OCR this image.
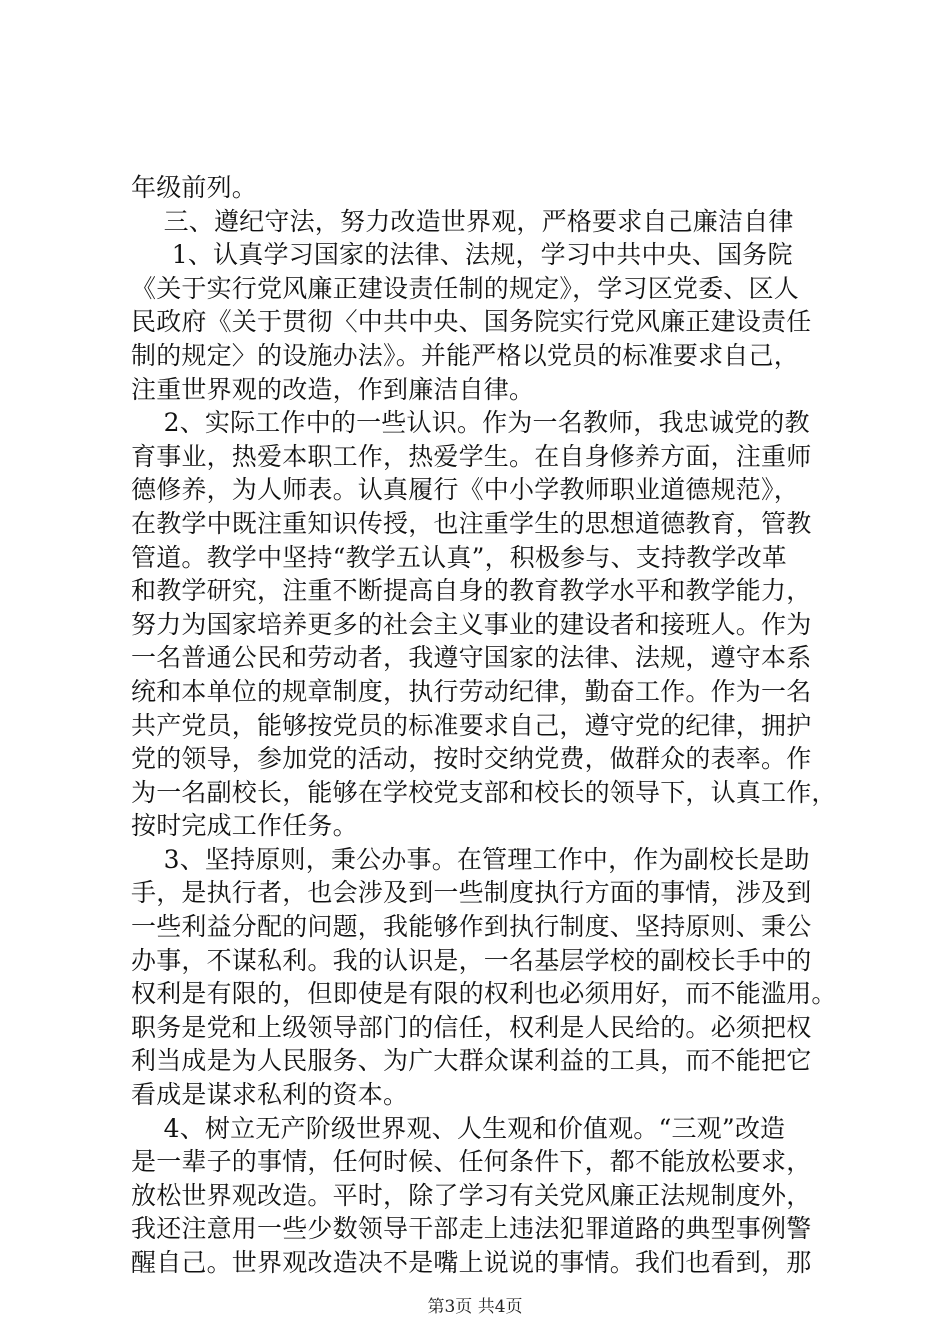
年级前列。
三、遵纪守法，努力改造世界观，严格要求自己廉洁自律
1、认真学习国家的法律、法规，学习中共中央、国务院
《关于实行党风廉正建设责任制的规定》，学习区党委、区人
民政府《关于贯彻〈中共中央、国务院实行党风廉正建设责任
制的规定〉的设施办法》。并能严格以党员的标准要求自己，
注重世界观的改造，作到廉洁自律。
2、实际工作中的一些认识。作为一名教师，我忠诚党的教
育事业，热爱本职工作，热爱学生。在自身修养方面，注重师
德修养，为人师表。认真履行《中小学教师职业道德规范》，
在教学中既注重知识传授，也注重学生的思想道德教育，管教
管道。教学中坚持“教学五认真”，积极参与、支持教学改革
和教学研究，注重不断提高自身的教育教学水平和教学能力，
努力为国家培养更多的社会主义事业的建设者和接班人。作为
一名普通公民和劳动者，我遵守国家的法律、法规，遵守本系
统和本单位的规章制度，执行劳动纪律，勤奋工作。作为一名
共产党员，能够按党员的标准要求自己，遵守党的纪律，拥护
党的领导，参加党的活动，按时交纳党费，做群众的表率。作
为一名副校长，能够在学校党支部和校长的领导下，认真工作，
按时完成工作任务。
3、坚持原则，秉公办事。在管理工作中，作为副校长是助
手，是执行者，也会涉及到一些制度执行方面的事情，涉及到
一些利益分配的问题，我能够作到执行制度、坚持原则、秉公
办事，不谋私利。我的认识是，一名基层学校的副校长手中的
权利是有限的，但即使是有限的权利也必须用好，而不能滥用。
职务是党和上级领导部门的信任，权利是人民给的。必须把权
利当成是为人民服务、为广大群众谋利益的工具，而不能把它
看成是谋求私利的资本。
4、树立无产阶级世界观、人生观和价值观。“三观”改造
是一辈子的事情，任何时候、任何条件下，都不能放松要求，
放松世界观改造。平时，除了学习有关党风廉正法规制度外，
我还注意用一些少数领导干部走上违法犯罪道路的典型事例警
醒自己。世界观改造决不是嘴上说说的事情。我们也看到，那
第3页 共4页
